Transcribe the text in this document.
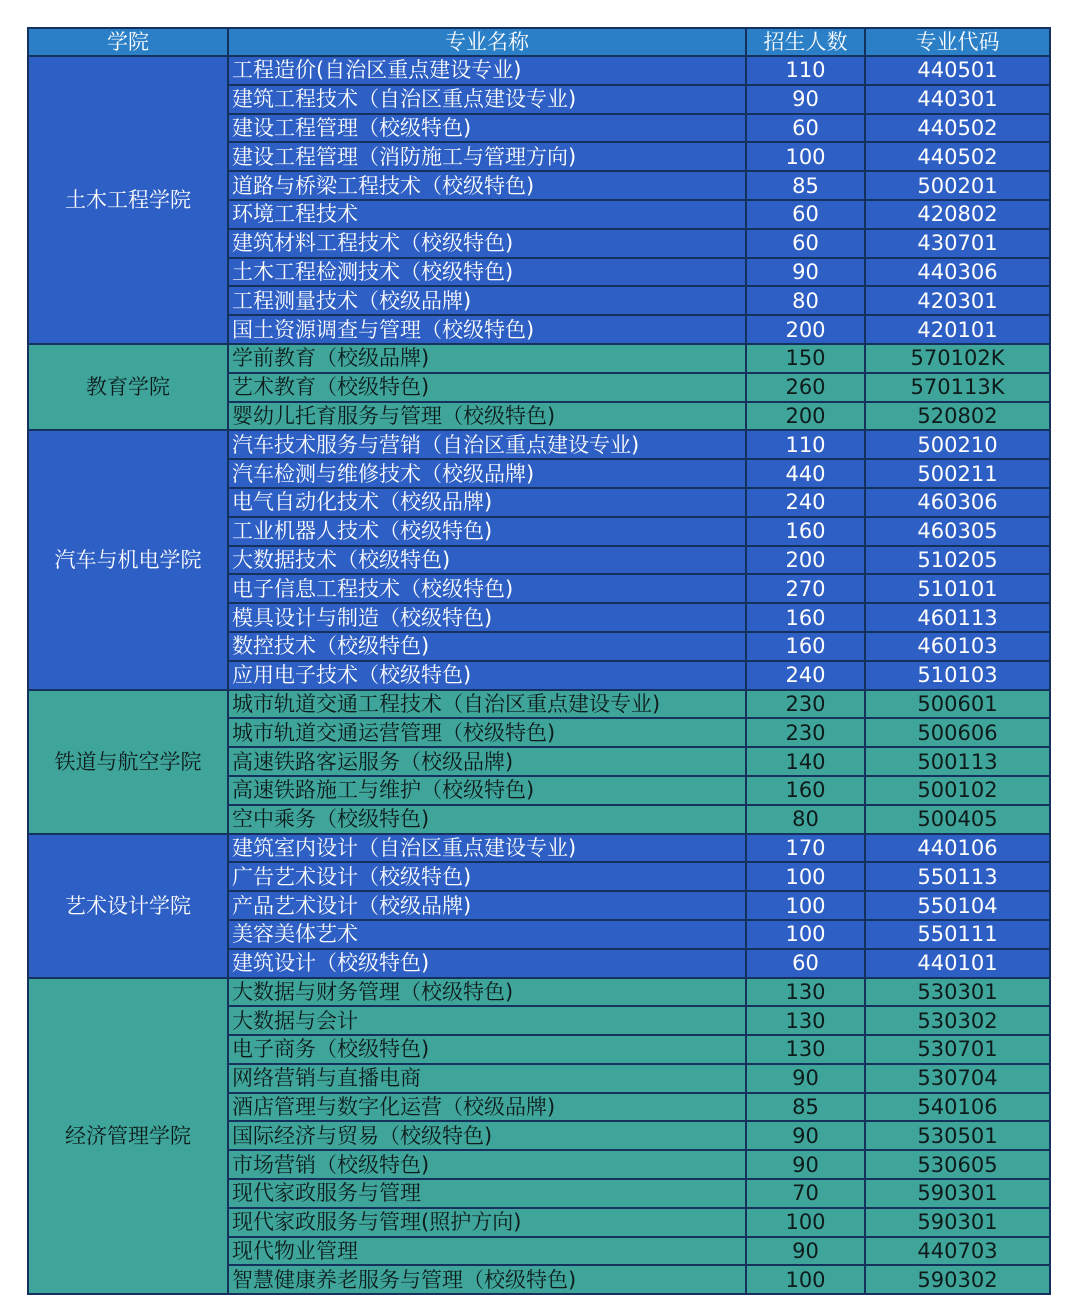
学院	专业名称	招生人数	专业代码
土木工程学院	工程造价(自治区重点建设专业)	110	440501
	建筑工程技术（自治区重点建设专业)	90	440301
	建设工程管理（校级特色)	60	440502
	建设工程管理（消防施工与管理方向)	100	440502
	道路与桥梁工程技术（校级特色)	85	500201
	环境工程技术	60	420802
	建筑材料工程技术（校级特色)	60	430701
	土木工程检测技术（校级特色)	90	440306
	工程测量技术（校级品牌)	80	420301
	国土资源调查与管理（校级特色)	200	420101
教育学院	学前教育（校级品牌)	150	570102K
	艺术教育（校级特色)	260	570113K
	婴幼儿托育服务与管理（校级特色)	200	520802
汽车与机电学院	汽车技术服务与营销（自治区重点建设专业)	110	500210
	汽车检测与维修技术（校级品牌)	440	500211
	电气自动化技术（校级品牌)	240	460306
	工业机器人技术（校级特色)	160	460305
	大数据技术（校级特色)	200	510205
	电子信息工程技术（校级特色)	270	510101
	模具设计与制造（校级特色)	160	460113
	数控技术（校级特色)	160	460103
	应用电子技术（校级特色)	240	510103
铁道与航空学院	城市轨道交通工程技术（自治区重点建设专业)	230	500601
	城市轨道交通运营管理（校级特色)	230	500606
	高速铁路客运服务（校级品牌)	140	500113
	高速铁路施工与维护（校级特色)	160	500102
	空中乘务（校级特色)	80	500405
艺术设计学院	建筑室内设计（自治区重点建设专业)	170	440106
	广告艺术设计（校级特色)	100	550113
	产品艺术设计（校级品牌)	100	550104
	美容美体艺术	100	550111
	建筑设计（校级特色)	60	440101
经济管理学院	大数据与财务管理（校级特色)	130	530301
	大数据与会计	130	530302
	电子商务（校级特色)	130	530701
	网络营销与直播电商	90	530704
	酒店管理与数字化运营（校级品牌)	85	540106
	国际经济与贸易（校级特色)	90	530501
	市场营销（校级特色)	90	530605
	现代家政服务与管理	70	590301
	现代家政服务与管理(照护方向)	100	590301
	现代物业管理	90	440703
	智慧健康养老服务与管理（校级特色)	100	590302
